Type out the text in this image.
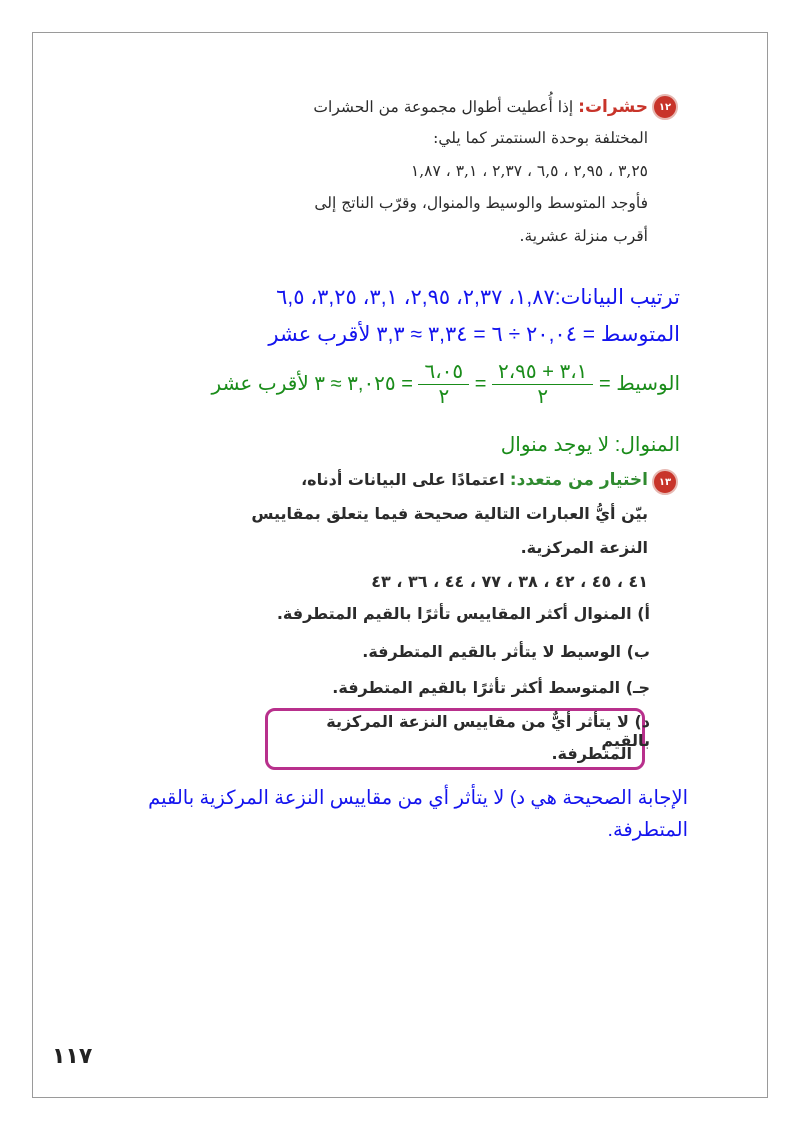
١٢
حشرات: إذا أُعطيت أطوال مجموعة من الحشرات
المختلفة بوحدة السنتمتر كما يلي:
٣,٢٥ ، ٢,٩٥ ، ٦,٥ ، ٢,٣٧ ، ٣,١ ، ١,٨٧
فأوجد المتوسط والوسيط والمنوال، وقرّب الناتج إلى
أقرب منزلة عشرية.
ترتيب البيانات:١,٨٧، ٢,٣٧، ٢,٩٥، ٣,١، ٣,٢٥، ٦,٥
المتوسط = ٢٠,٠٤ ÷ ٦ = ٣,٣٤ ≈ ٣,٣ لأقرب عشر
الوسيط =
$\frac{٣،١ + ٢،٩٥}{٢}$
=
$\frac{٦،٠٥}{٢}$
= ٣,٠٢٥ ≈ ٣ لأقرب عشر
المنوال: لا يوجد منوال
١٣
اختيار من متعدد: اعتمادًا على البيانات أدناه،
بيّن أيُّ العبارات التالية صحيحة فيما يتعلق بمقاييس
النزعة المركزية.
٤١ ، ٤٥ ، ٤٢ ، ٣٨ ، ٧٧ ، ٤٤ ، ٣٦ ، ٤٣
أ) المنوال أكثر المقاييس تأثرًا بالقيم المتطرفة.
ب) الوسيط لا يتأثر بالقيم المتطرفة.
جـ) المتوسط أكثر تأثرًا بالقيم المتطرفة.
د) لا يتأثر أيٌّ من مقاييس النزعة المركزية بالقيم
المتطرفة.
الإجابة الصحيحة هي د) لا يتأثر أي من مقاييس النزعة المركزية بالقيم
المتطرفة.
١١٧
